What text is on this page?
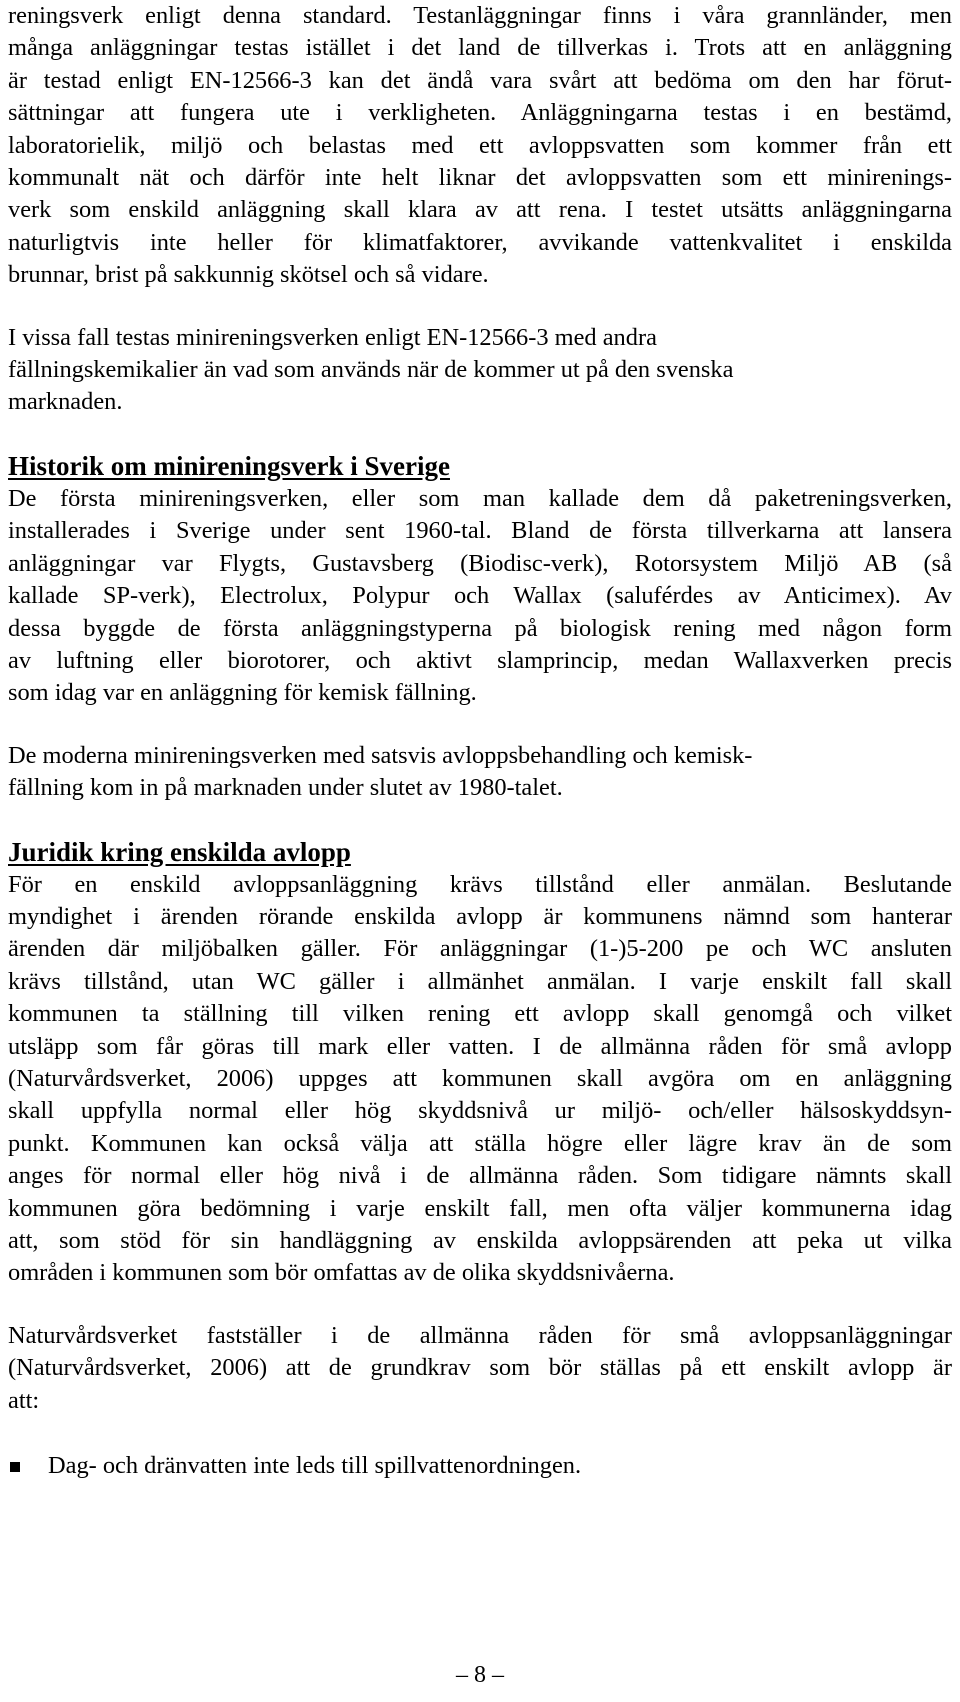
reningsverk enligt denna standard. Testanläggningar finns i våra grannländer, men
många anläggningar testas istället i det land de tillverkas i. Trots att en anläggning
är testad enligt EN-12566-3 kan det ändå vara svårt att bedöma om den har förut-
sättningar att fungera ute i verkligheten. Anläggningarna testas i en bestämd,
laboratorielik, miljö och belastas med ett avloppsvatten som kommer från ett
kommunalt nät och därför inte helt liknar det avloppsvatten som ett minirenings-
verk som enskild anläggning skall klara av att rena. I testet utsätts anläggningarna
naturligtvis inte heller för klimatfaktorer, avvikande vattenkvalitet i enskilda
brunnar, brist på sakkunnig skötsel och så vidare.

I vissa fall testas minireningsverken enligt EN-12566-3 med andra
fällningskemikalier än vad som används när de kommer ut på den svenska
marknaden.

Historik om minireningsverk i Sverige

De första minireningsverken, eller som man kallade dem då paketreningsverken,
installerades i Sverige under sent 1960-tal. Bland de första tillverkarna att lansera
anläggningar var Flygts, Gustavsberg (Biodisc-verk), Rotorsystem Miljö AB (så
kallade SP-verk), Electrolux, Polypur och Wallax (saluférdes av Anticimex). Av
dessa byggde de första anläggningstyperna på biologisk rening med någon form
av luftning eller biorotorer, och aktivt slamprincip, medan Wallaxverken precis
som idag var en anläggning för kemisk fällning.

De moderna minireningsverken med satsvis avloppsbehandling och kemisk-
fällning kom in på marknaden under slutet av 1980-talet.

Juridik kring enskilda avlopp

För en enskild avloppsanläggning krävs tillstånd eller anmälan. Beslutande
myndighet i ärenden rörande enskilda avlopp är kommunens nämnd som hanterar
ärenden där miljöbalken gäller. För anläggningar (1-)5-200 pe och WC ansluten
krävs tillstånd, utan WC gäller i allmänhet anmälan. I varje enskilt fall skall
kommunen ta ställning till vilken rening ett avlopp skall genomgå och vilket
utsläpp som får göras till mark eller vatten. I de allmänna råden för små avlopp
(Naturvårdsverket, 2006) uppges att kommunen skall avgöra om en anläggning
skall uppfylla normal eller hög skyddsnivå ur miljö- och/eller hälsoskyddsyn-
punkt. Kommunen kan också välja att ställa högre eller lägre krav än de som
anges för normal eller hög nivå i de allmänna råden. Som tidigare nämnts skall
kommunen göra bedömning i varje enskilt fall, men ofta väljer kommunerna idag
att, som stöd för sin handläggning av enskilda avloppsärenden att peka ut vilka
områden i kommunen som bör omfattas av de olika skyddsnivåerna.

Naturvårdsverket fastställer i de allmänna råden för små avloppsanläggningar
(Naturvårdsverket, 2006) att de grundkrav som bör ställas på ett enskilt avlopp är
att:

Dag- och dränvatten inte leds till spillvattenordningen.
– 8 –
